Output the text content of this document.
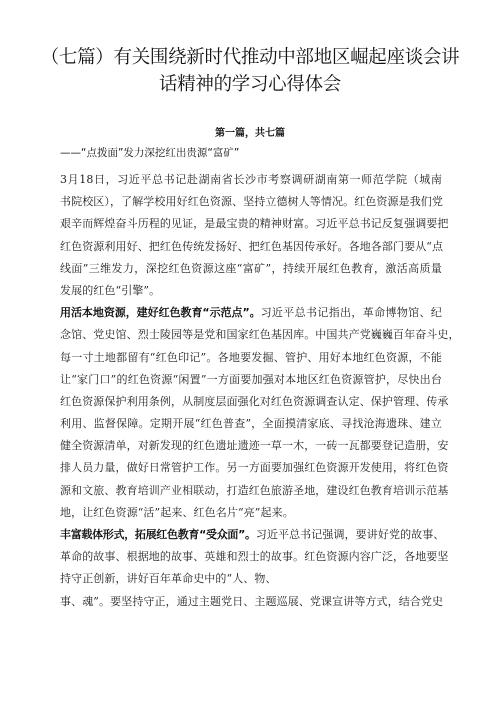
（七篇）有关围绕新时代推动中部地区崛起座谈会讲
话精神的学习心得体会
第一篇，共七篇
——“点拨面”发力深挖红出贵源“富矿”
3月18日，习近平总书记赴湖南省长沙市考察调研湖南第一师范学院（城南
书院校区），了解学校用好红色资源、坚持立德树人等情况。红色资源是我们党
艰辛而辉煌奋斗历程的见证，是最宝贵的精神财富。习近平总书记反复强调要把
红色资源利用好、把红色传统发扬好、把红色基因传承好。各地各部门要从“点
线面”三维发力，深挖红色资源这座“富矿”，持续开展红色教育，激活高质量
发展的红色“引擎”。
用活本地资源，建好红色教育“示范点”。习近平总书记指出，革命博物馆、纪
念馆、党史馆、烈士陵园等是党和国家红色基因库。中国共产党巍巍百年奋斗史，
每一寸土地都留有“红色印记”。各地要发掘、管护、用好本地红色资源，不能
让“家门口”的红色资源“闲置”一方面要加强对本地区红色资源管护，尽快出台
红色资源保护利用条例，从制度层面强化对红色资源调查认定、保护管理、传承
利用、监督保障。定期开展“红色普查”，全面摸清家底、寻找沧海遗珠、建立
健全资源清单，对新发现的红色遗址遗迹一草一木，一砖一瓦都要登记造册，安
排人员力量，做好日常管护工作。另一方面要加强红色资源开发使用，将红色资
源和文旅、教育培训产业相联动，打造红色旅游圣地，建设红色教育培训示范基
地，让红色资源“活”起来、红色名片“亮”起来。
丰富载体形式，拓展红色教育“受众面”。习近平总书记强调，要讲好党的故事、
革命的故事、根据地的故事、英雄和烈士的故事。红色资源内容广泛，各地要坚
持守正创新，讲好百年革命史中的“人、物、
事、魂”。要坚持守正，通过主题党日、主题巡展、党课宣讲等方式，结合党史
